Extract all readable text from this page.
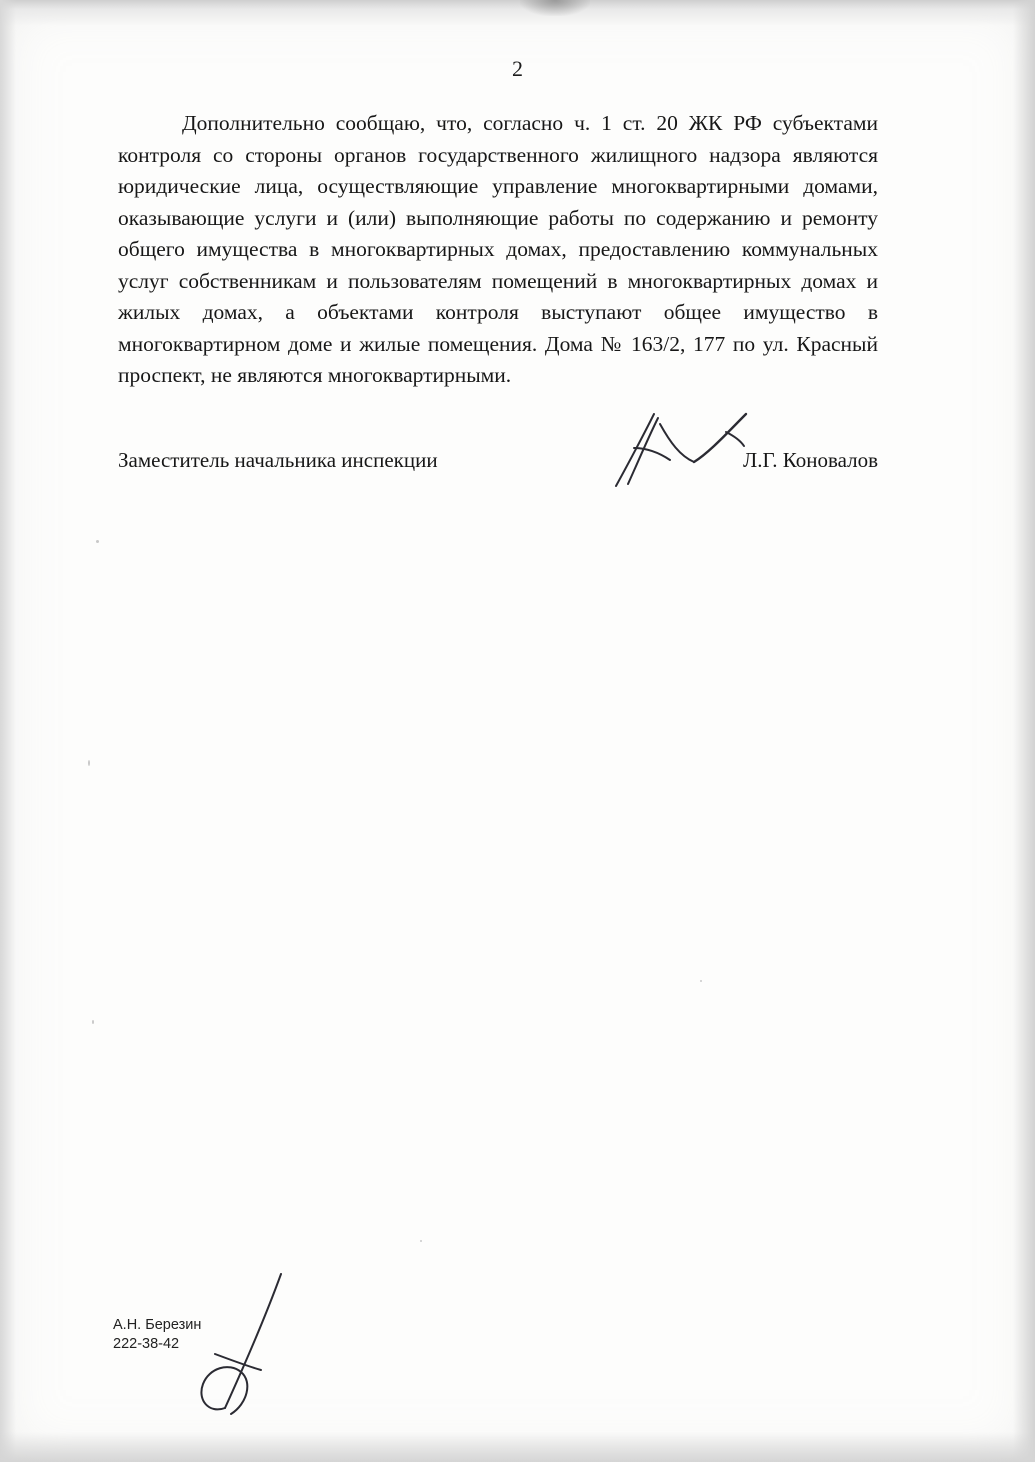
2
Дополнительно сообщаю, что, согласно ч. 1 ст. 20 ЖК РФ субъектами контроля со стороны органов государственного жилищного надзора являются юридические лица, осуществляющие управление многоквартирными домами, оказывающие услуги и (или) выполняющие работы по содержанию и ремонту общего имущества в многоквартирных домах, предоставлению коммунальных услуг собственникам и пользователям помещений в многоквартирных домах и жилых домах, а объектами контроля выступают общее имущество в многоквартирном доме и жилые помещения. Дома № 163/2, 177 по ул. Красный проспект, не являются многоквартирными.
Заместитель начальника инспекции	Л.Г. Коновалов
А.Н. Березин
222-38-42
